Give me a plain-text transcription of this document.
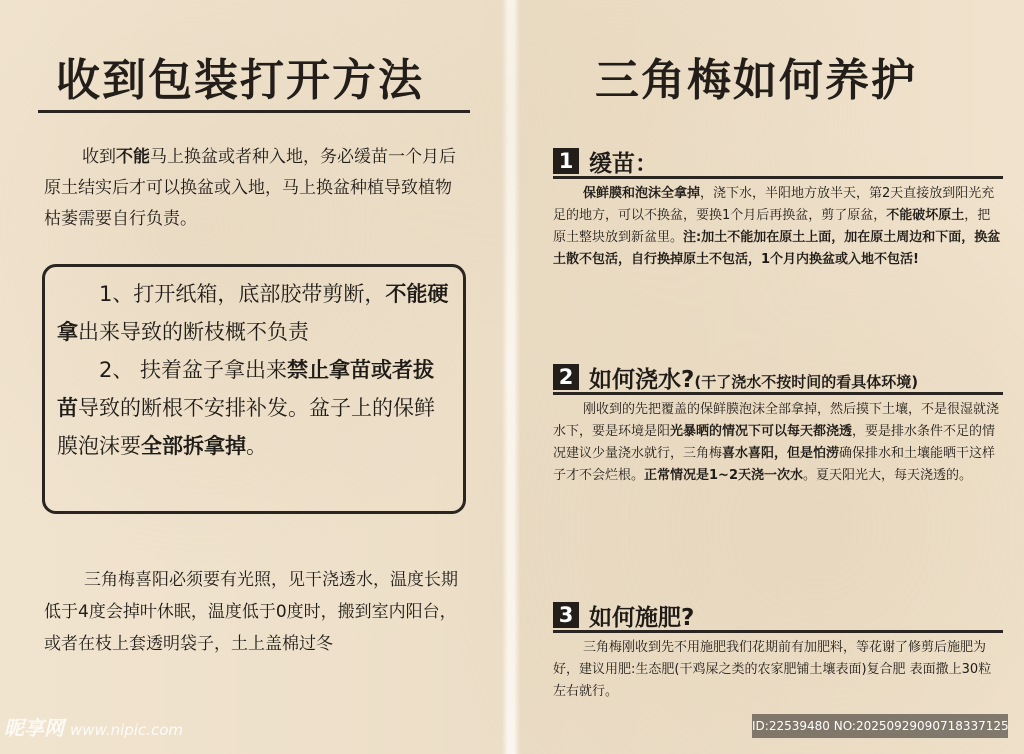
收到包装打开方法
收到不能马上换盆或者种入地，务必缓苗一个月后原土结实后才可以换盆或入地，马上换盆种植导致植物枯萎需要自行负责。

1、打开纸箱，底部胶带剪断，不能硬拿出来导致的断枝概不负责

2、 扶着盆子拿出来禁止拿苗或者拔苗导致的断根不安排补发。盆子上的保鲜膜泡沫要全部拆拿掉。

三角梅喜阳必须要有光照，见干浇透水，温度长期低于4度会掉叶休眠，温度低于0度时，搬到室内阳台，或者在枝上套透明袋子，土上盖棉过冬
三角梅如何养护
1 缓苗：
保鲜膜和泡沫全拿掉，浇下水，半阳地方放半天，第2天直接放到阳光充足的地方，可以不换盆，要换1个月后再换盆，剪了原盆，不能破坏原土，把原土整块放到新盆里。注:加土不能加在原土上面，加在原土周边和下面，换盆土散不包活，自行换掉原土不包活，1个月内换盆或入地不包活!
2 如何浇水?(干了浇水不按时间的看具体环境)
刚收到的先把覆盖的保鲜膜泡沫全部拿掉，然后摸下土壤，不是很湿就浇水下，要是环境是阳光暴晒的情况下可以每天都浇透，要是排水条件不足的情况建议少量浇水就行，三角梅喜水喜阳，但是怕涝确保排水和土壤能晒干这样子才不会烂根。正常情况是1~2天浇一次水。夏天阳光大，每天浇透的。
3 如何施肥?
三角梅刚收到先不用施肥我们花期前有加肥料，等花谢了修剪后施肥为好，建议用肥:生态肥(干鸡屎之类的农家肥铺土壤表面)复合肥 表面撒上30粒左右就行。
昵享网 www.nipic.com	ID:22539480 NO:20250929090718337125
